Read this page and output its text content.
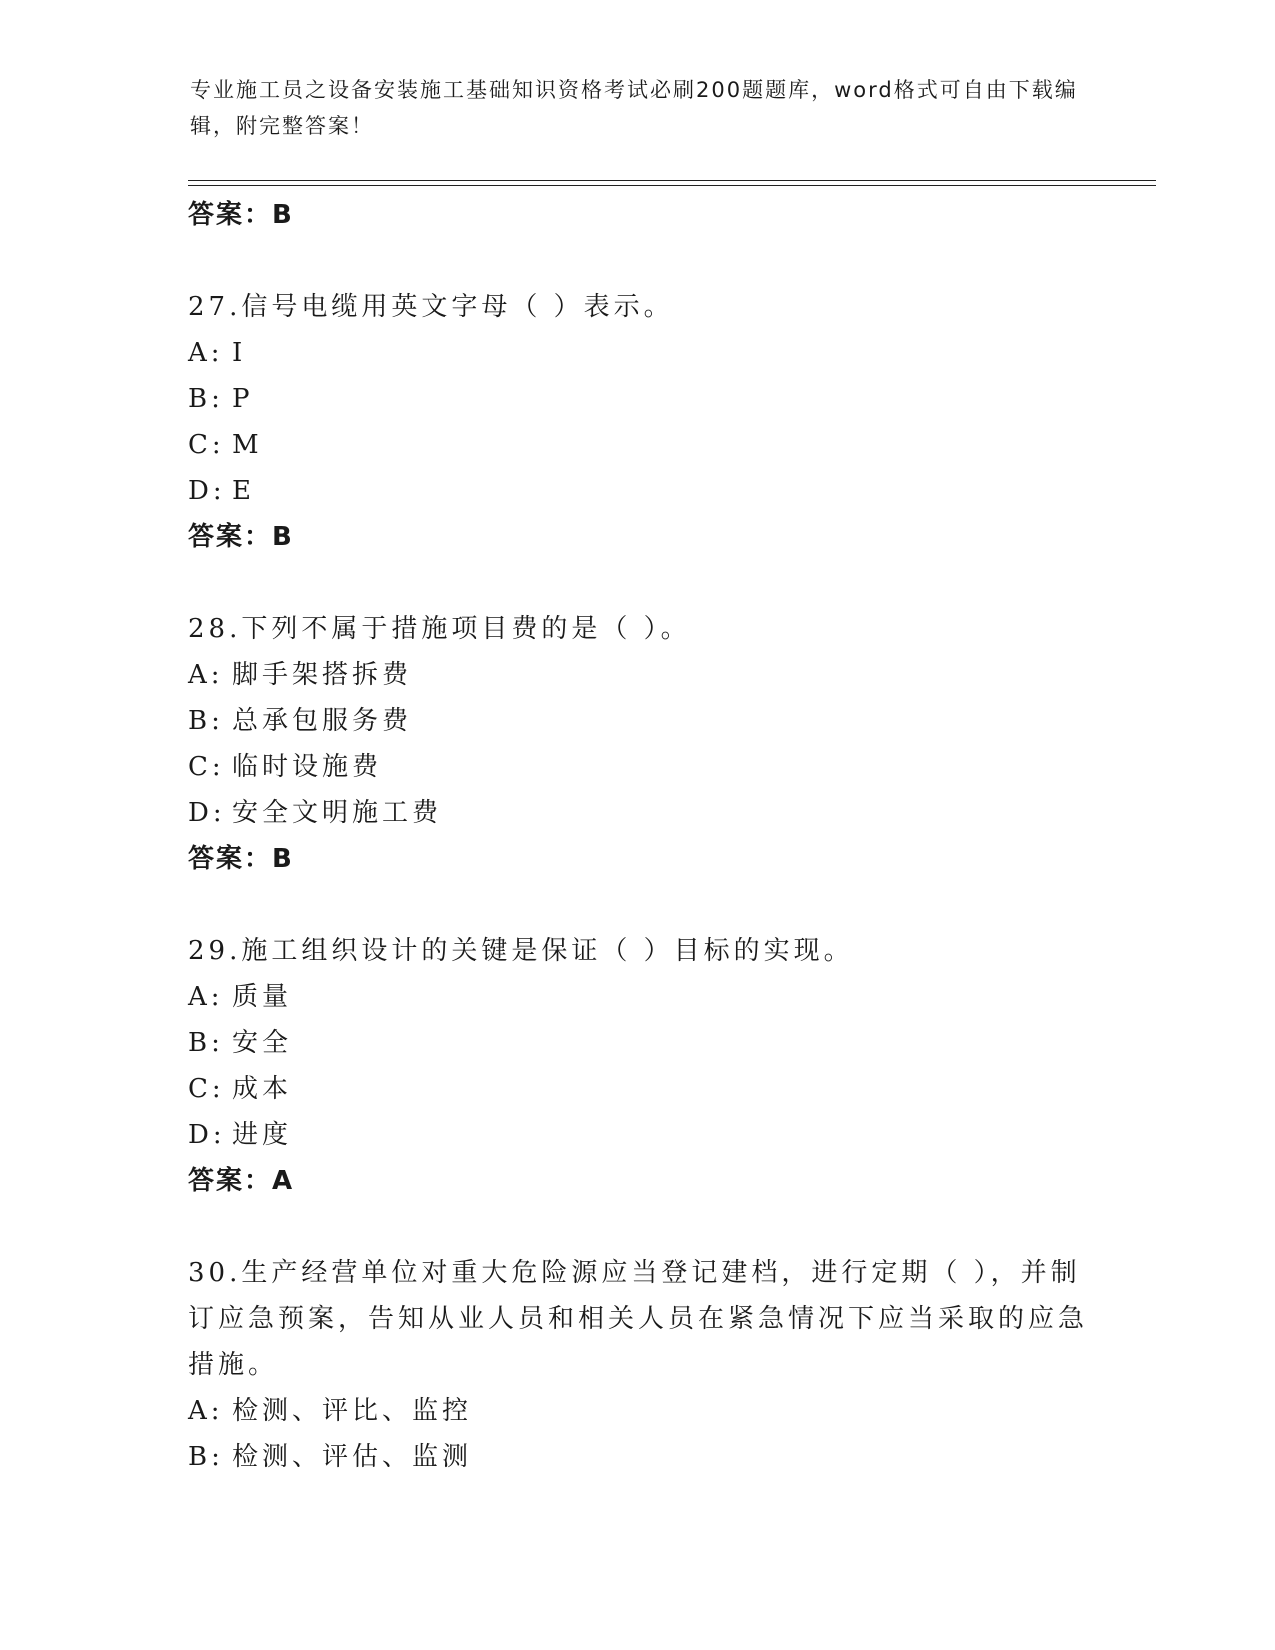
专业施工员之设备安装施工基础知识资格考试必刷200题题库，word格式可自由下载编辑，附完整答案！
答案：B
27.信号电缆用英文字母（ ）表示。
A: I
B: P
C: M
D: E
答案：B
28.下列不属于措施项目费的是（ ）。
A: 脚手架搭拆费
B: 总承包服务费
C: 临时设施费
D: 安全文明施工费
答案：B
29.施工组织设计的关键是保证（ ）目标的实现。
A: 质量
B: 安全
C: 成本
D: 进度
答案：A
30.生产经营单位对重大危险源应当登记建档，进行定期（ ），并制订应急预案，告知从业人员和相关人员在紧急情况下应当采取的应急措施。
A: 检测、评比、监控
B: 检测、评估、监测
